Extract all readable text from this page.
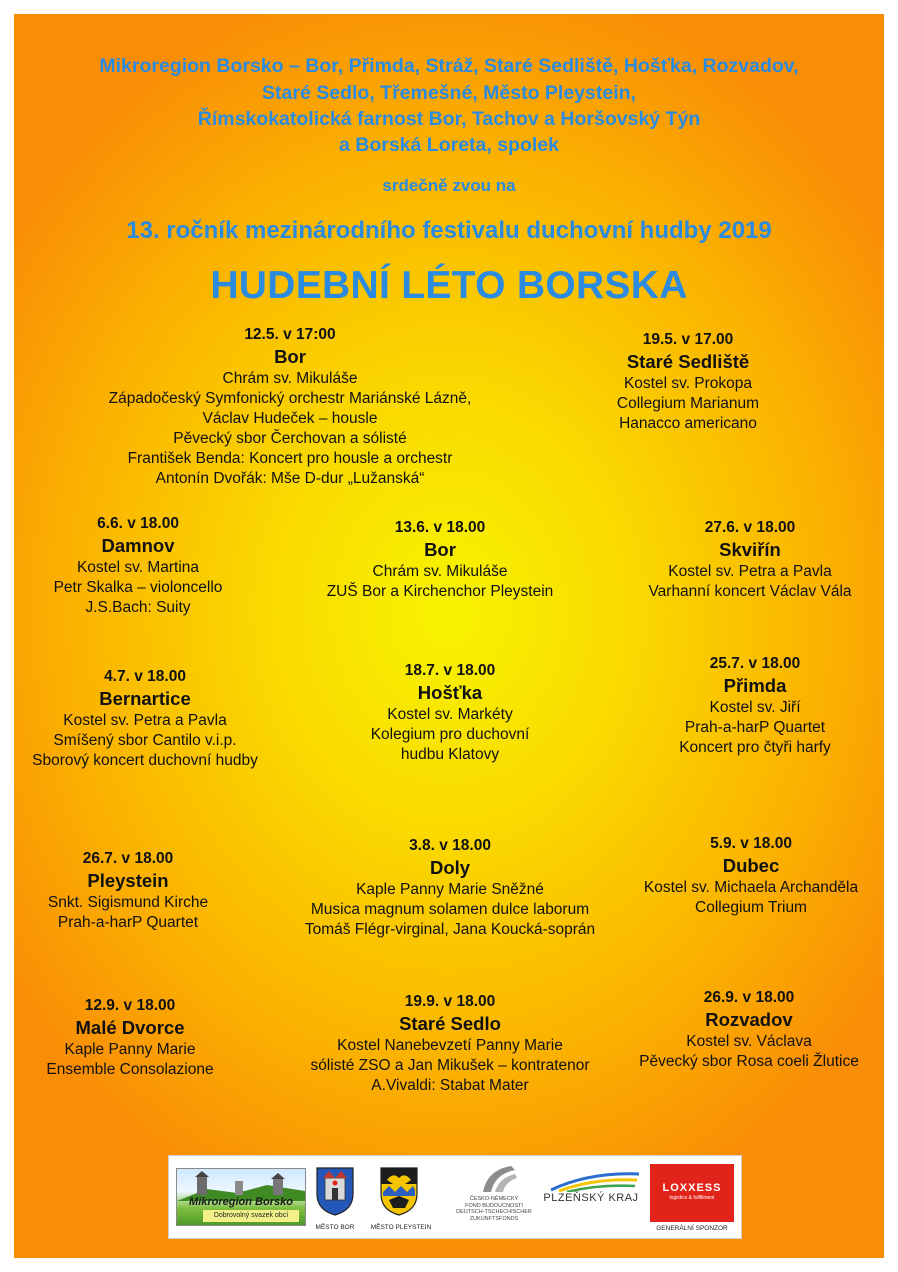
Mikroregion Borsko – Bor, Přimda, Stráž, Staré Sedliště, Hošťka, Rozvadov,
Staré Sedlo, Třemešné, Město Pleystein,
Římskokatolická farnost Bor, Tachov a Horšovský Týn
a Borská Loreta, spolek
srdečně zvou na
13. ročník mezinárodního festivalu duchovní hudby 2019
HUDEBNÍ LÉTO BORSKA
12.5. v 17:00
Bor
Chrám sv. Mikuláše
Západočeský Symfonický orchestr Mariánské Lázně,
Václav Hudeček – housle
Pěvecký sbor Čerchovan a sólisté
František Benda: Koncert pro housle a orchestr
Antonín Dvořák: Mše D-dur „Lužanská“
19.5. v 17.00
Staré Sedliště
Kostel sv. Prokopa
Collegium Marianum
Hanacco americano
6.6. v 18.00
Damnov
Kostel sv. Martina
Petr Skalka – violoncello
J.S.Bach: Suity
13.6. v 18.00
Bor
Chrám sv. Mikuláše
ZUŠ Bor a Kirchenchor Pleystein
27.6. v 18.00
Skviřín
Kostel sv. Petra a Pavla
Varhanní koncert Václav Vála
4.7. v 18.00
Bernartice
Kostel sv. Petra a Pavla
Smíšený sbor Cantilo v.i.p.
Sborový koncert duchovní hudby
18.7. v 18.00
Hošťka
Kostel sv. Markéty
Kolegium pro duchovní
hudbu Klatovy
25.7. v 18.00
Přimda
Kostel sv. Jiří
Prah-a-harP Quartet
Koncert pro čtyři harfy
26.7. v 18.00
Pleystein
Snkt. Sigismund Kirche
Prah-a-harP Quartet
3.8. v 18.00
Doly
Kaple Panny Marie Sněžné
Musica magnum solamen dulce laborum
Tomáš Flégr-virginal, Jana Koucká-soprán
5.9. v 18.00
Dubec
Kostel sv. Michaela Archanděla
Collegium Trium
12.9. v 18.00
Malé Dvorce
Kaple Panny Marie
Ensemble Consolazione
19.9. v 18.00
Staré Sedlo
Kostel Nanebevzetí Panny Marie
sólisté ZSO a Jan Mikušek – kontratenor
A.Vivaldi: Stabat Mater
26.9. v 18.00
Rozvadov
Kostel sv. Václava
Pěvecký sbor Rosa coeli Žlutice
Mikroregion Borsko
Dobrovolný svazek obcí
MĚSTO BOR	MĚSTO PLEYSTEIN
ČESKO-NĚMECKÝ
FOND BUDOUCNOSTI
DEUTSCH-TSCHECHISCHER
ZUKUNFTSFONDS
PLZEŇSKÝ KRAJ
LOXXESS
logistics & fulfillment
GENERÁLNÍ SPONZOR
